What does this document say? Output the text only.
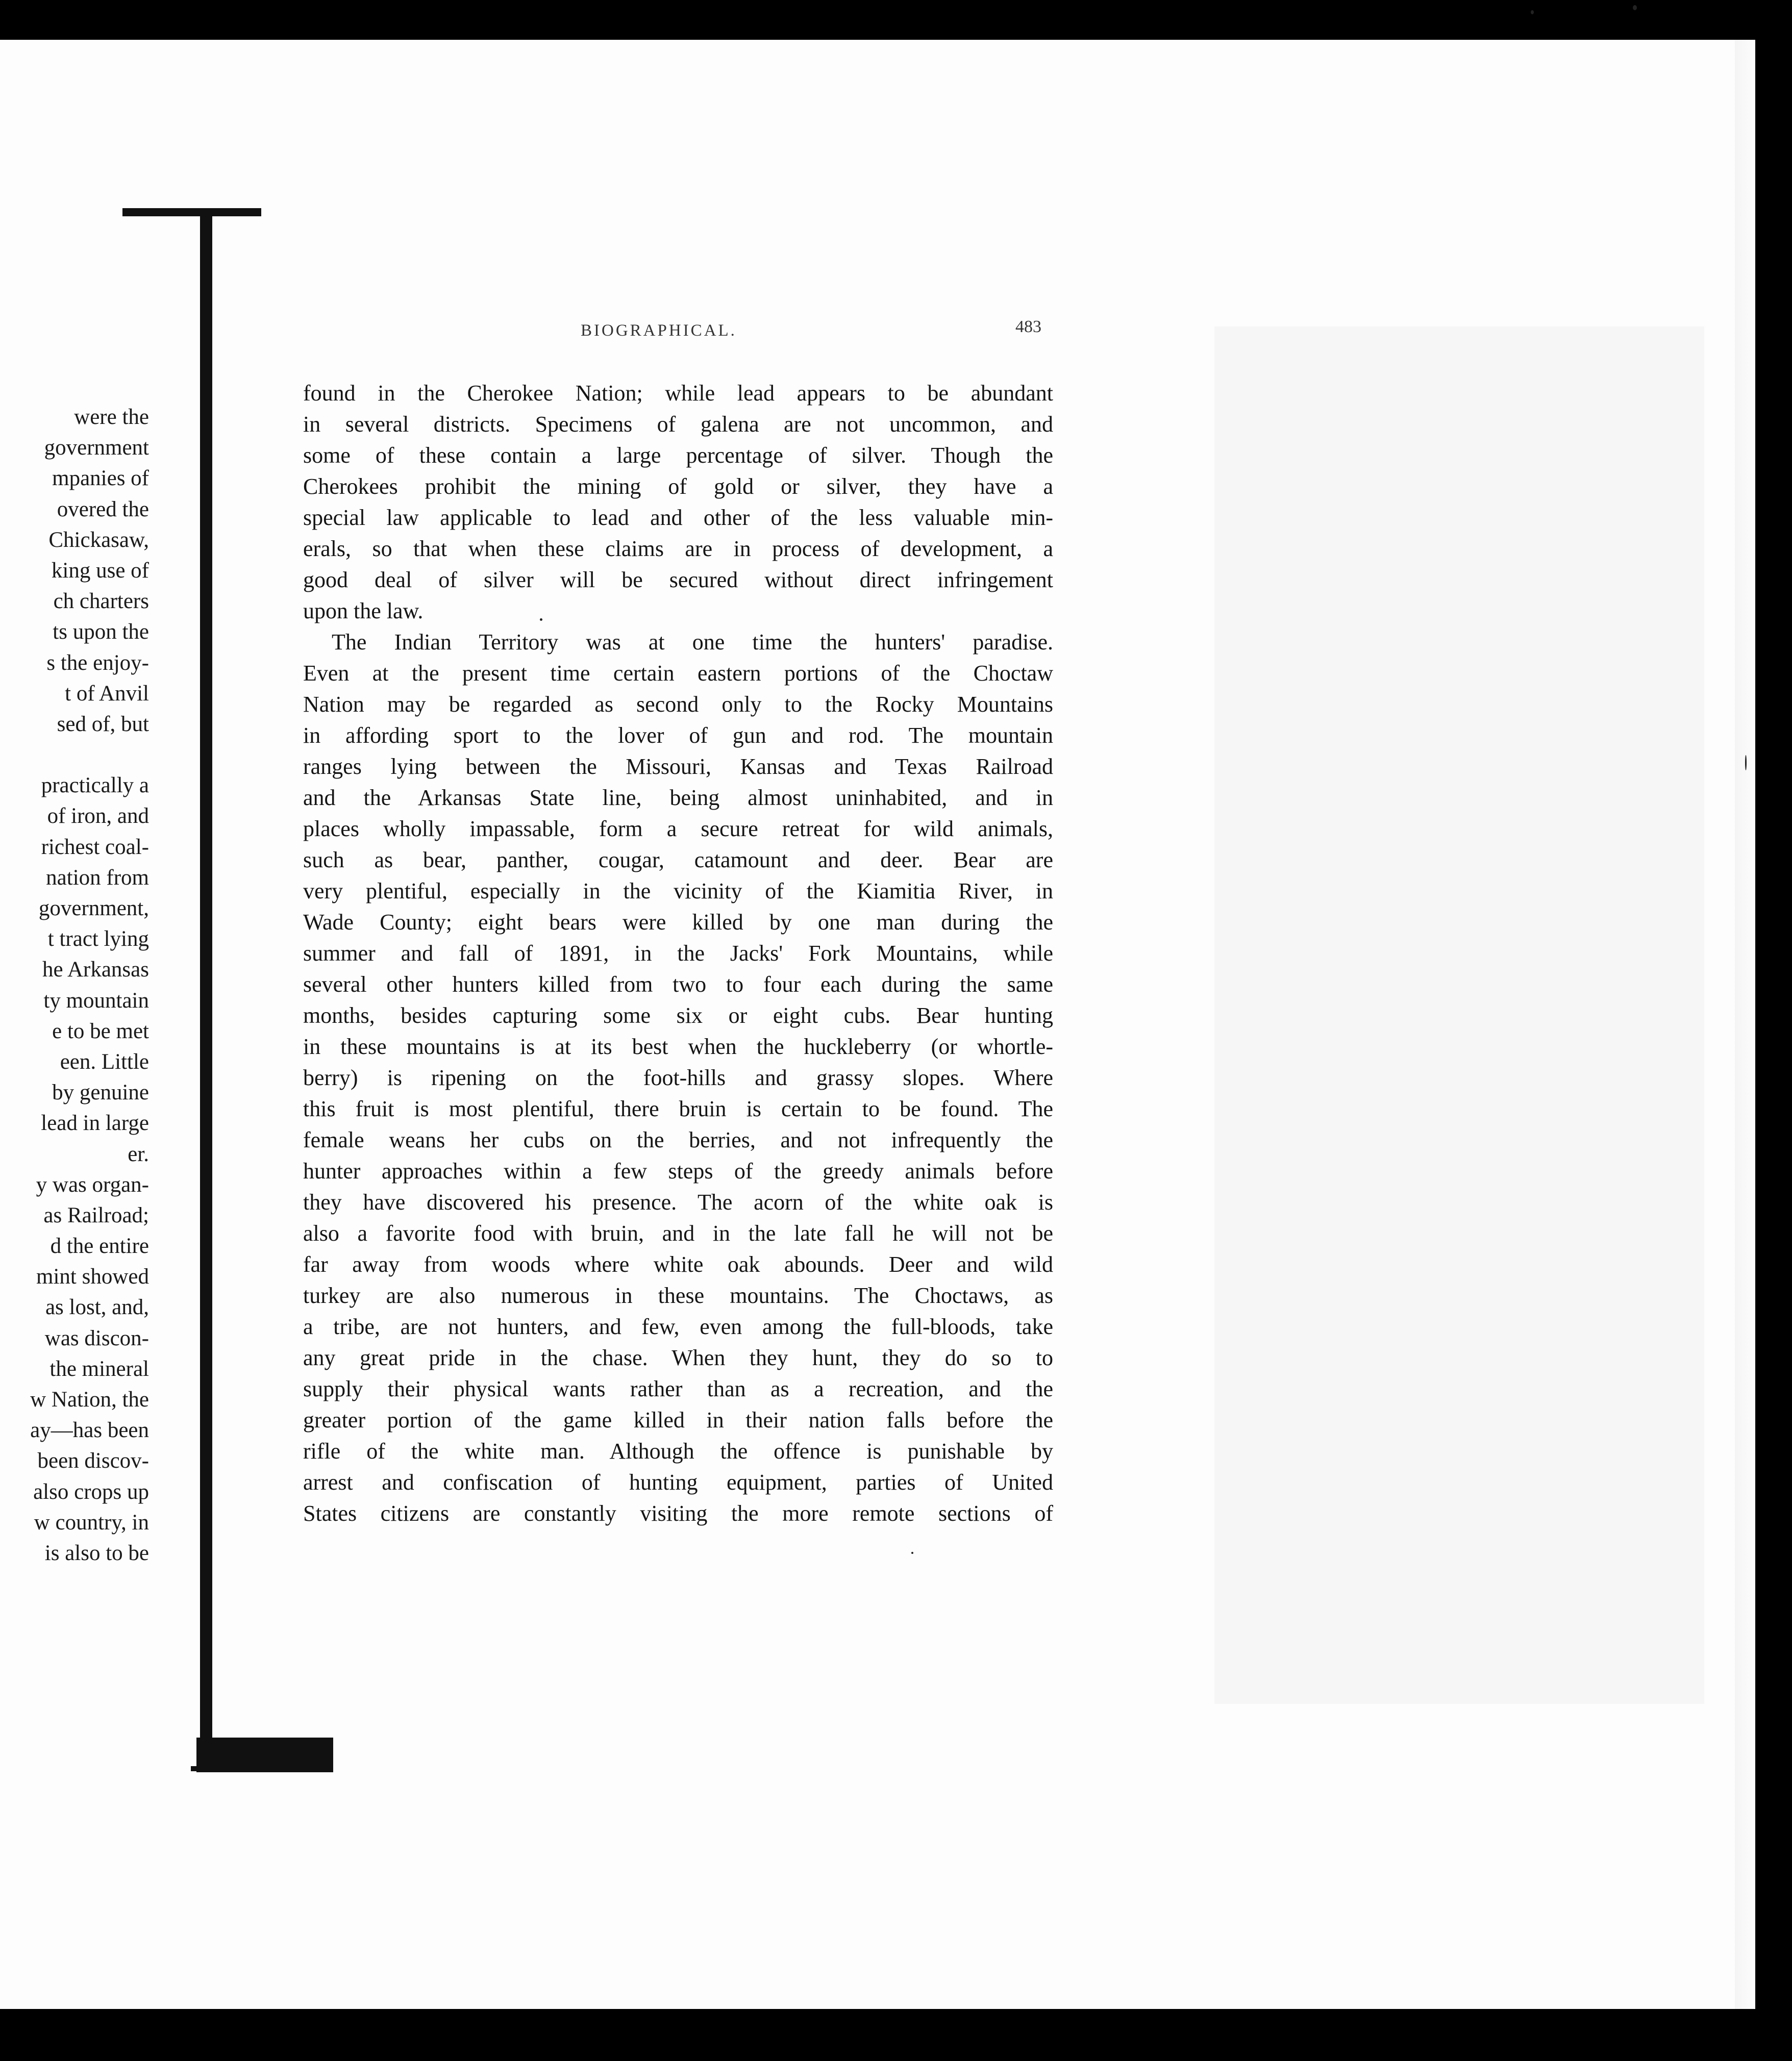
were the
government
mpanies of
overed the
Chickasaw,
king use of
ch charters
ts upon the
s the enjoy-
t of Anvil
sed of, but
practically a
of iron, and
richest coal-
nation from
government,
t tract lying
he Arkansas
ty mountain
e to be met
een. Little
by genuine
lead in large
er.
y was organ-
as Railroad;
d the entire
mint showed
as lost, and,
was discon-
the mineral
w Nation, the
ay—has been
been discov-
also crops up
w country, in
is also to be
BIOGRAPHICAL.	483
found in the Cherokee Nation; while lead appears to be abundant
in several districts. Specimens of galena are not uncommon, and
some of these contain a large percentage of silver. Though the
Cherokees prohibit the mining of gold or silver, they have a
special law applicable to lead and other of the less valuable min-
erals, so that when these claims are in process of development, a
good deal of silver will be secured without direct infringement
upon the law.
The Indian Territory was at one time the hunters' paradise.
Even at the present time certain eastern portions of the Choctaw
Nation may be regarded as second only to the Rocky Mountains
in affording sport to the lover of gun and rod. The mountain
ranges lying between the Missouri, Kansas and Texas Railroad
and the Arkansas State line, being almost uninhabited, and in
places wholly impassable, form a secure retreat for wild animals,
such as bear, panther, cougar, catamount and deer. Bear are
very plentiful, especially in the vicinity of the Kiamitia River, in
Wade County; eight bears were killed by one man during the
summer and fall of 1891, in the Jacks' Fork Mountains, while
several other hunters killed from two to four each during the same
months, besides capturing some six or eight cubs. Bear hunting
in these mountains is at its best when the huckleberry (or whortle-
berry) is ripening on the foot-hills and grassy slopes. Where
this fruit is most plentiful, there bruin is certain to be found. The
female weans her cubs on the berries, and not infrequently the
hunter approaches within a few steps of the greedy animals before
they have discovered his presence. The acorn of the white oak is
also a favorite food with bruin, and in the late fall he will not be
far away from woods where white oak abounds. Deer and wild
turkey are also numerous in these mountains. The Choctaws, as
a tribe, are not hunters, and few, even among the full-bloods, take
any great pride in the chase. When they hunt, they do so to
supply their physical wants rather than as a recreation, and the
greater portion of the game killed in their nation falls before the
rifle of the white man. Although the offence is punishable by
arrest and confiscation of hunting equipment, parties of United
States citizens are constantly visiting the more remote sections of
